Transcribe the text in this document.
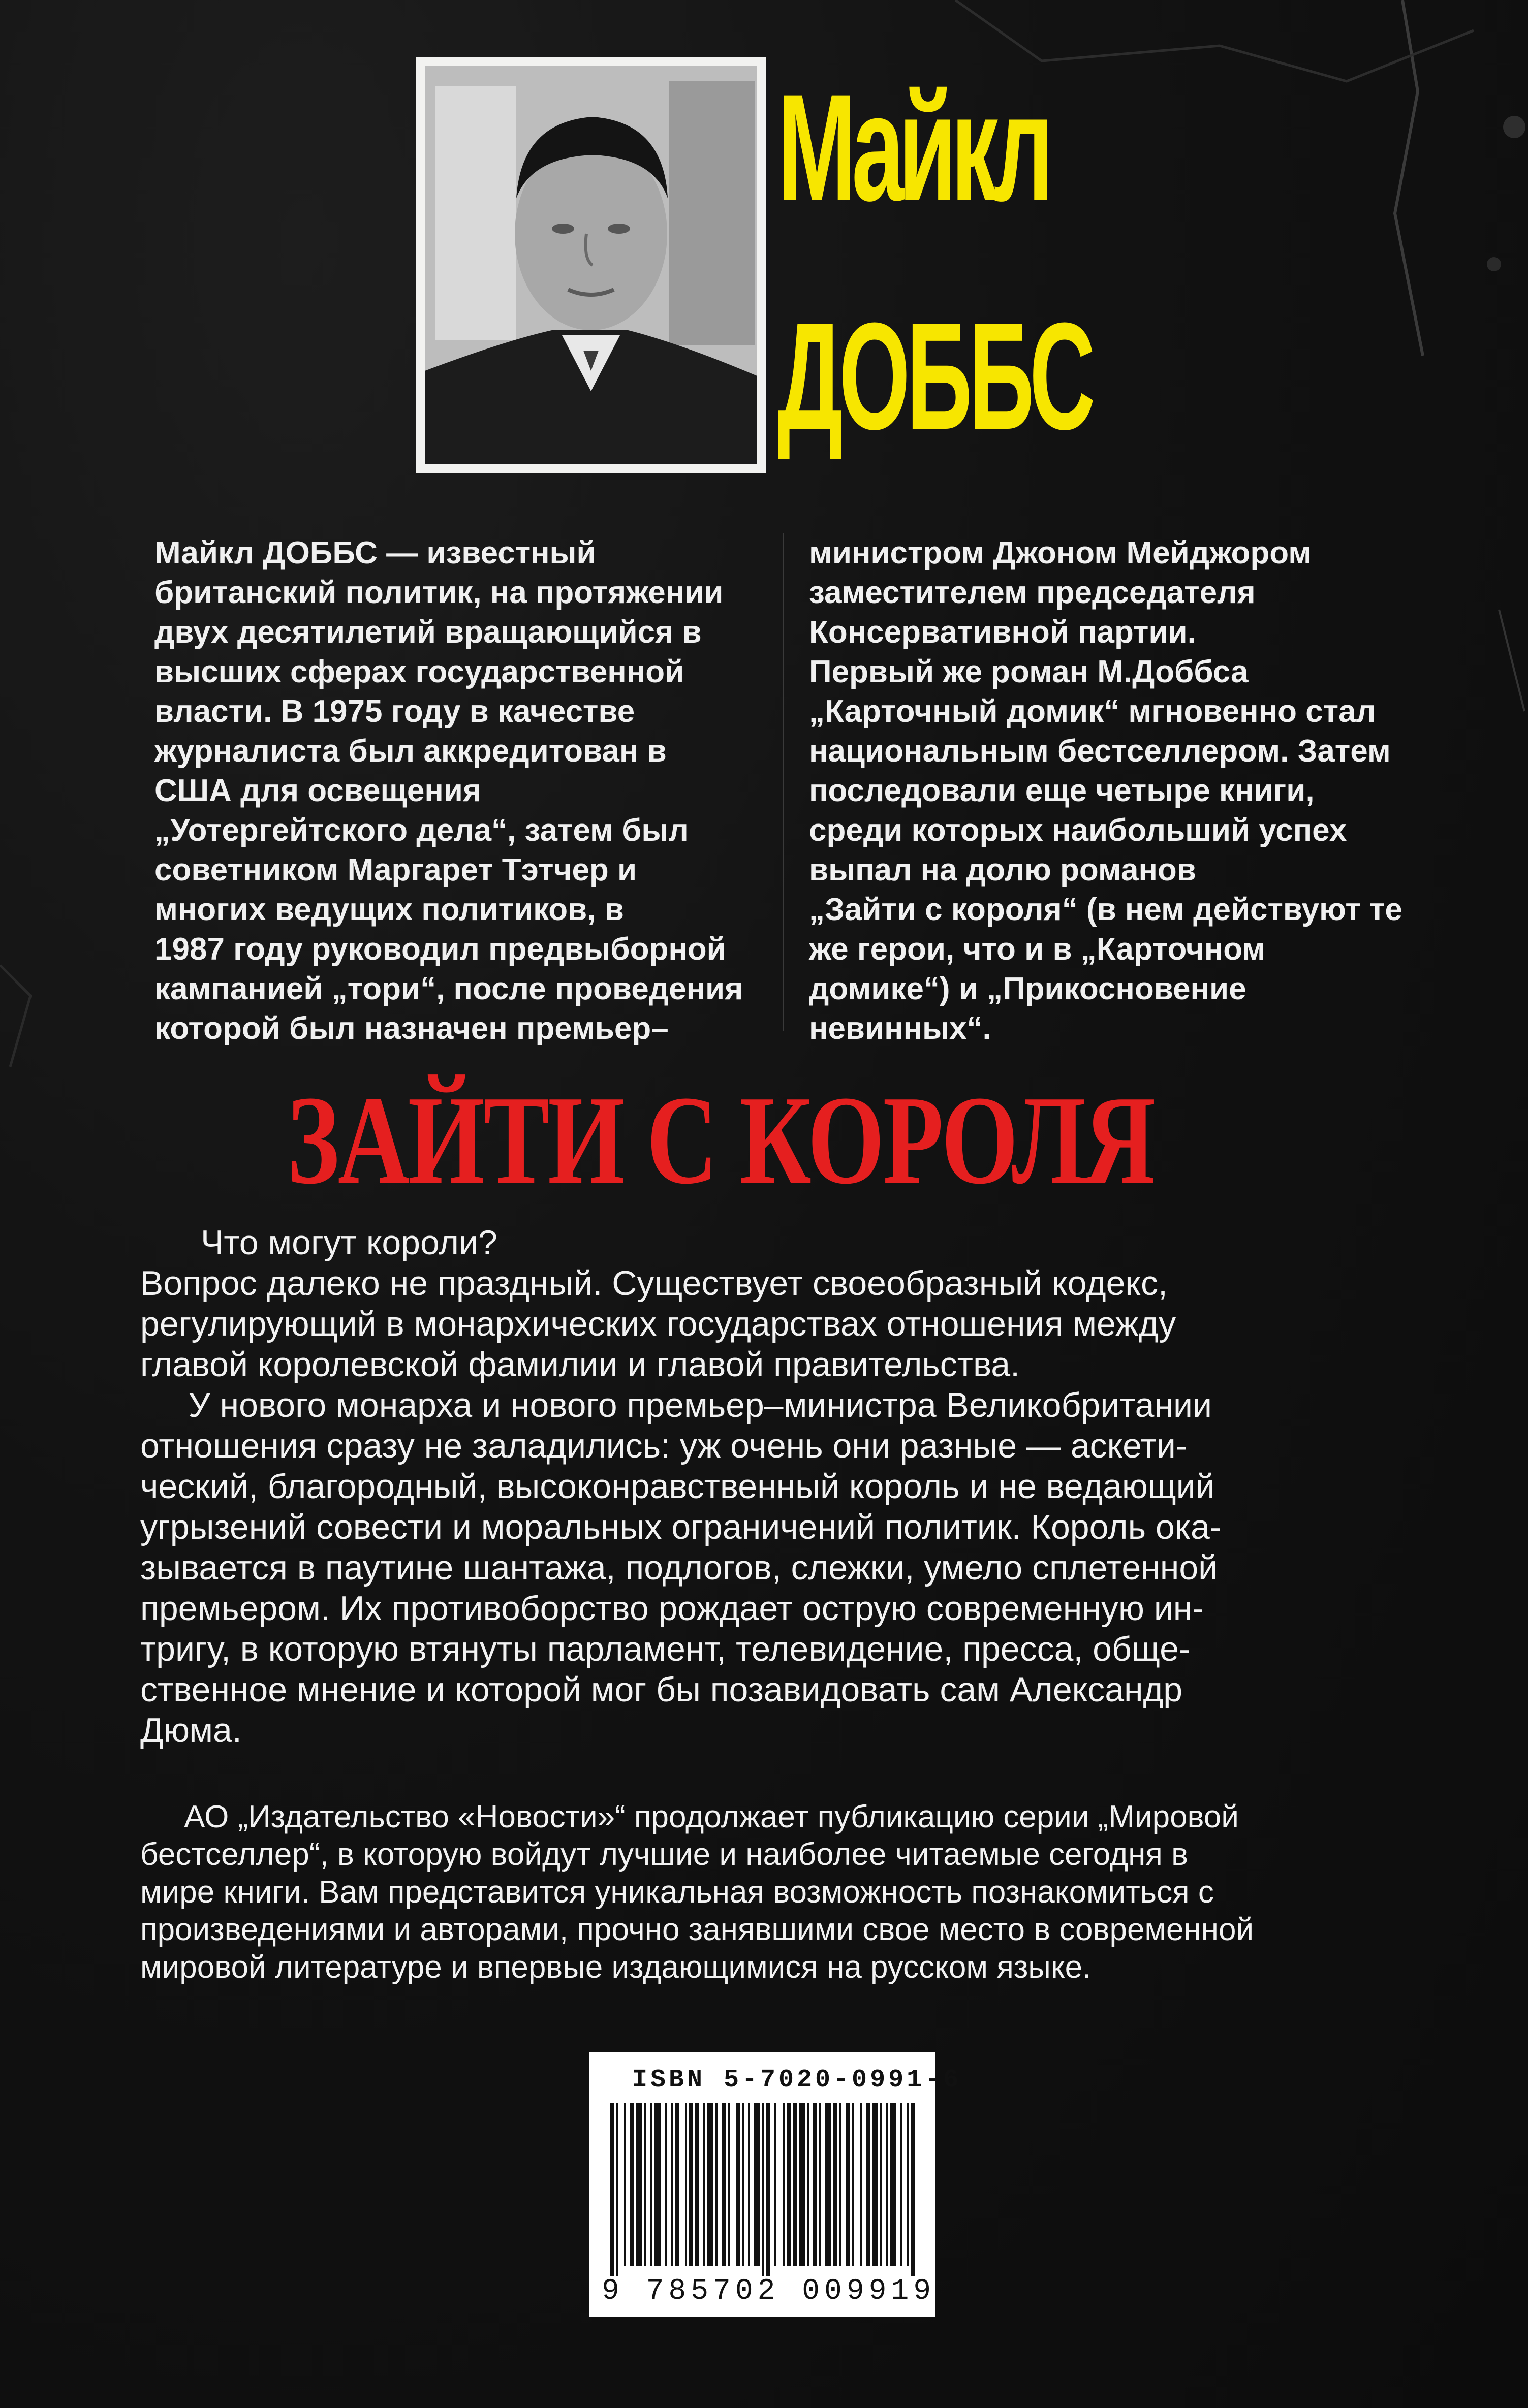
Майкл
ДОББС
Майкл ДОББС — известный
британский политик, на протяжении
двух десятилетий вращающийся в
высших сферах государственной
власти. В 1975 году в качестве
журналиста был аккредитован в
США для освещения
„Уотергейтского дела“, затем был
советником Маргарет Тэтчер и
многих ведущих политиков, в
1987 году руководил предвыборной
кампанией „тори“, после проведения
которой был назначен премьер–
министром Джоном Мейджором
заместителем председателя
Консервативной партии.
Первый же роман М.Доббса
„Карточный домик“ мгновенно стал
национальным бестселлером. Затем
последовали еще четыре книги,
среди которых наибольший успех
выпал на долю романов
„Зайти с короля“ (в нем действуют те
же герои, что и в „Карточном
домике“) и „Прикосновение
невинных“.
ЗАЙТИ С КОРОЛЯ
Что могут короли?
Вопрос далеко не праздный. Существует своеобразный кодекс,
регулирующий в монархических государствах отношения между
главой королевской фамилии и главой правительства.
У нового монарха и нового премьер–министра Великобритании
отношения сразу не заладились: уж очень они разные — аскети-
ческий, благородный, высоконравственный король и не ведающий
угрызений совести и моральных ограничений политик. Король ока-
зывается в паутине шантажа, подлогов, слежки, умело сплетенной
премьером. Их противоборство рождает острую современную ин-
тригу, в которую втянуты парламент, телевидение, пресса, обще-
ственное мнение и которой мог бы позавидовать сам Александр
Дюма.
АО „Издательство «Новости»“ продолжает публикацию серии „Мировой
бестселлер“, в которую войдут лучшие и наиболее читаемые сегодня в
мире книги. Вам представится уникальная возможность познакомиться с
произведениями и авторами, прочно занявшими свое место в современной
мировой литературе и впервые издающимися на русском языке.
ISBN 5-7020-0991-6
9 785702 009919
